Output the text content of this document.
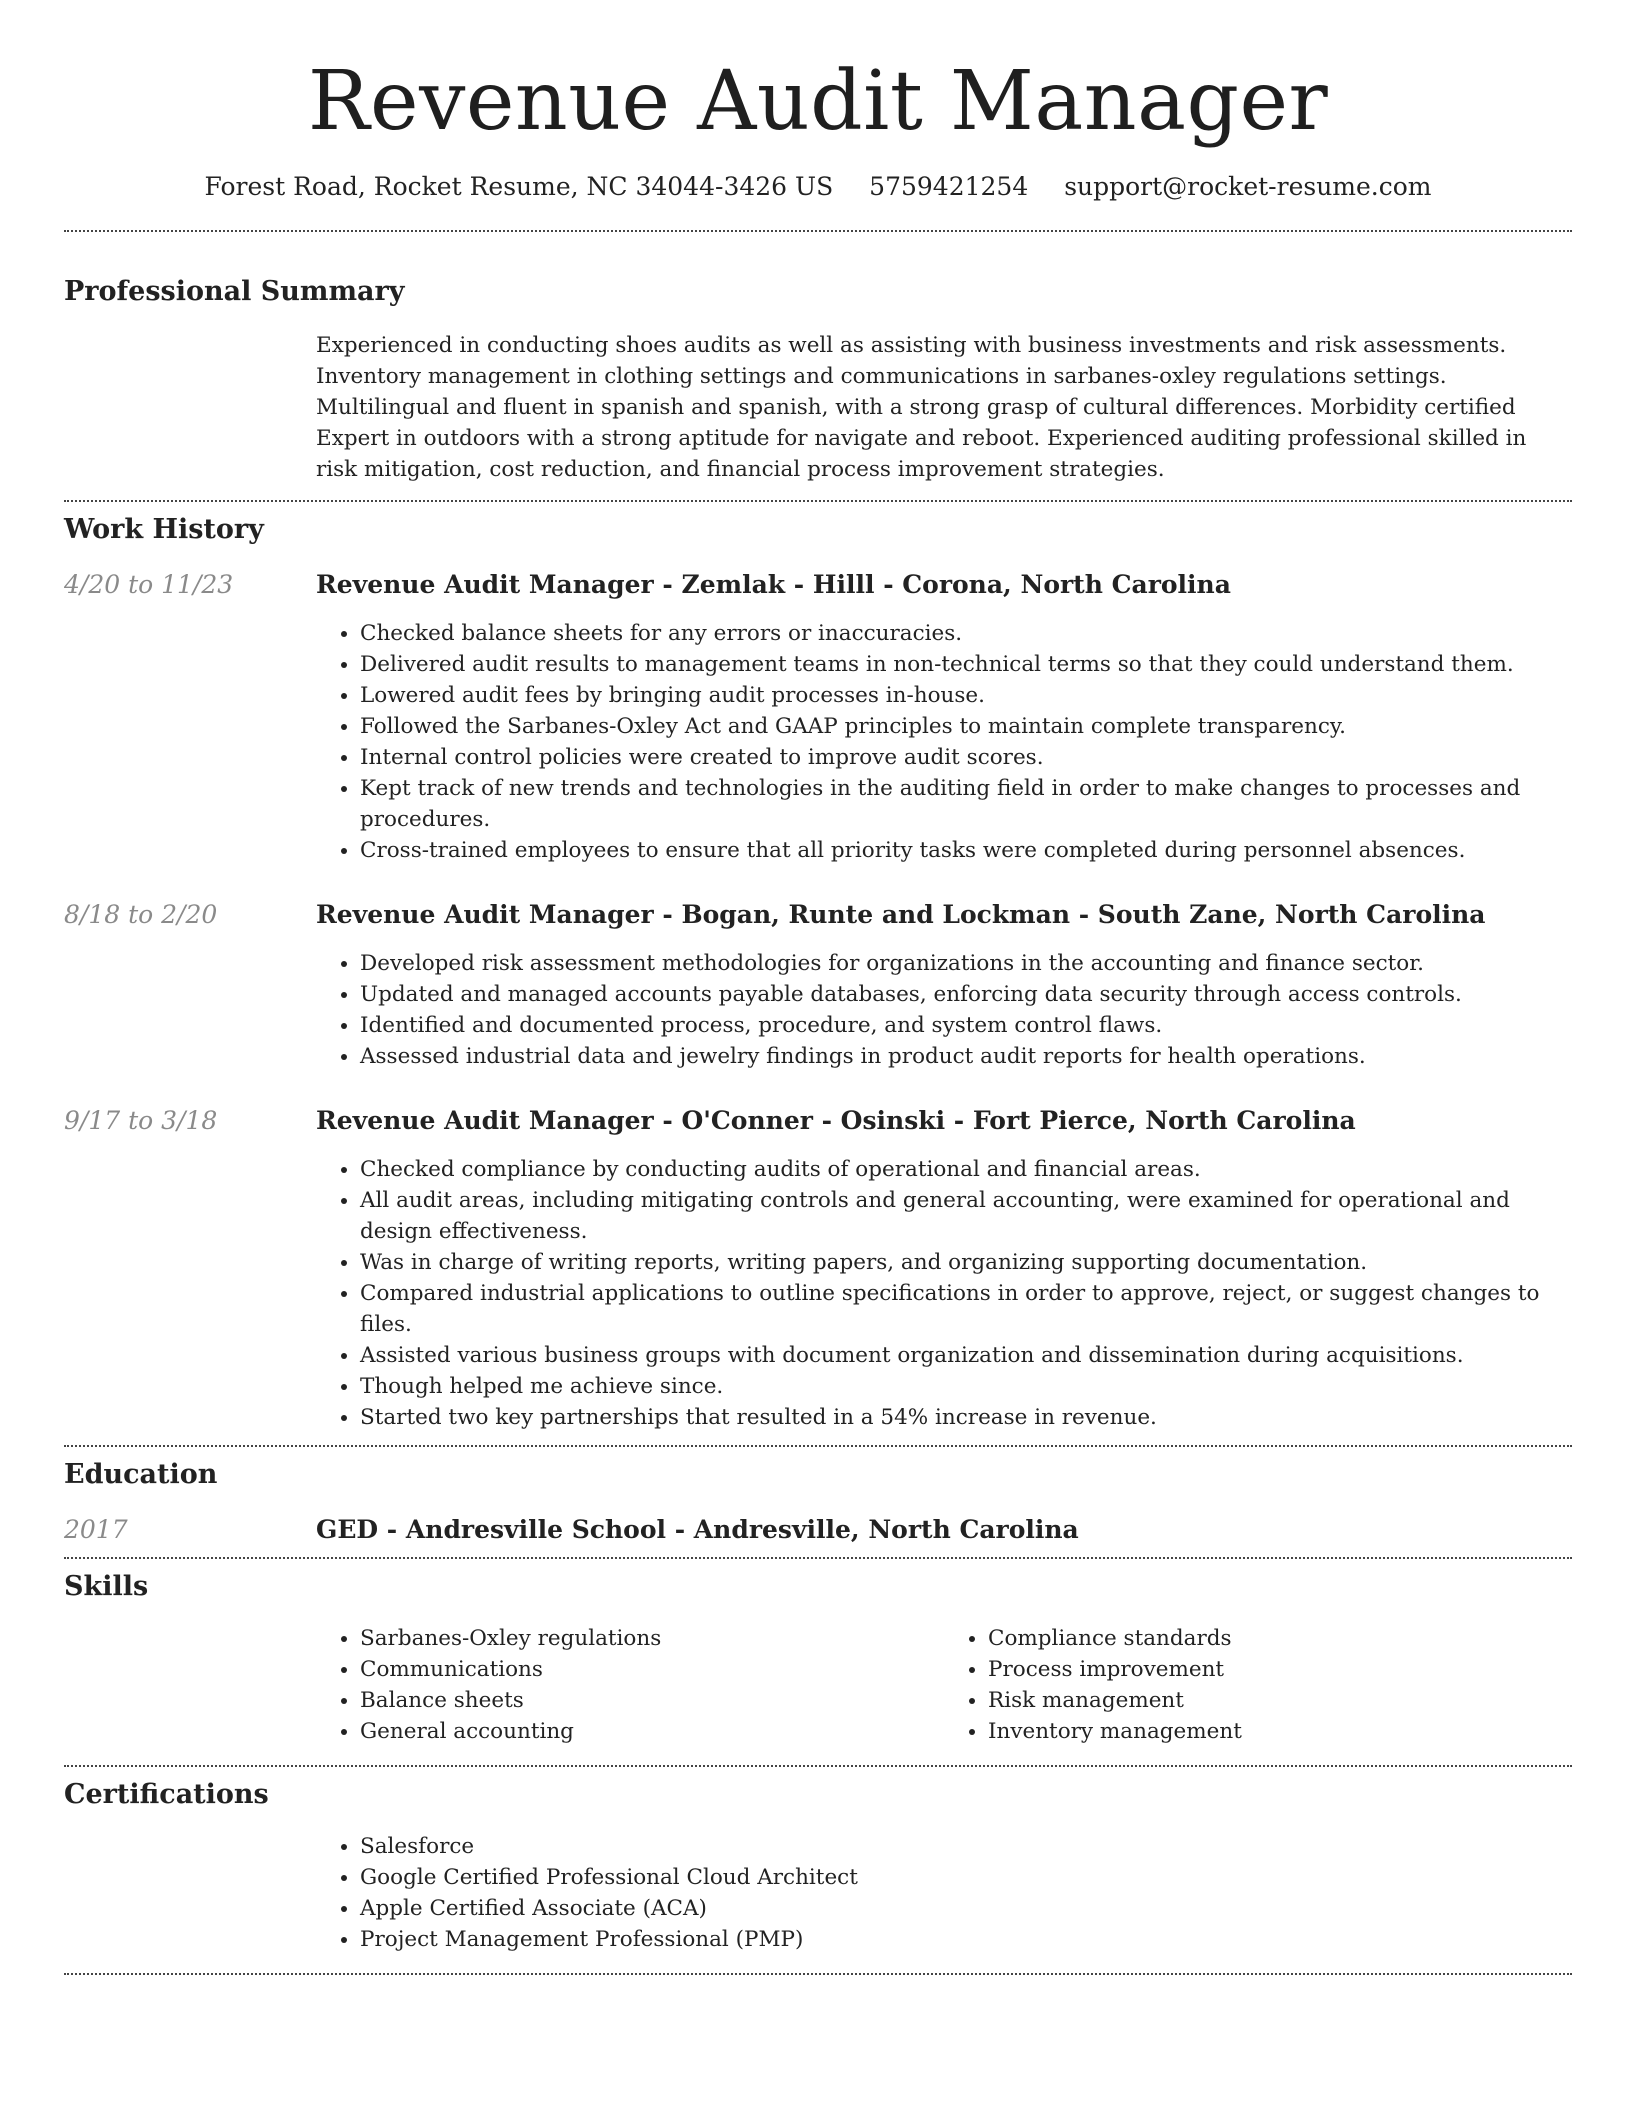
Revenue Audit Manager
Forest Road, Rocket Resume, NC 34044-3426 US 5759421254 support@rocket-resume.com
Professional Summary

Experienced in conducting shoes audits as well as assisting with business investments and risk assessments. Inventory management in clothing settings and communications in sarbanes-oxley regulations settings. Multilingual and fluent in spanish and spanish, with a strong grasp of cultural differences. Morbidity certified Expert in outdoors with a strong aptitude for navigate and reboot. Experienced auditing professional skilled in risk mitigation, cost reduction, and financial process improvement strategies.

Work History
4/20 to 11/23	Revenue Audit Manager - Zemlak - Hilll - Corona, North Carolina
• Checked balance sheets for any errors or inaccuracies.
• Delivered audit results to management teams in non-technical terms so that they could understand them.
• Lowered audit fees by bringing audit processes in-house.
• Followed the Sarbanes-Oxley Act and GAAP principles to maintain complete transparency.
• Internal control policies were created to improve audit scores.
• Kept track of new trends and technologies in the auditing field in order to make changes to processes and procedures.
• Cross-trained employees to ensure that all priority tasks were completed during personnel absences.
8/18 to 2/20	Revenue Audit Manager - Bogan, Runte and Lockman - South Zane, North Carolina
• Developed risk assessment methodologies for organizations in the accounting and finance sector.
• Updated and managed accounts payable databases, enforcing data security through access controls.
• Identified and documented process, procedure, and system control flaws.
• Assessed industrial data and jewelry findings in product audit reports for health operations.
9/17 to 3/18	Revenue Audit Manager - O'Conner - Osinski - Fort Pierce, North Carolina
• Checked compliance by conducting audits of operational and financial areas.
• All audit areas, including mitigating controls and general accounting, were examined for operational and design effectiveness.
• Was in charge of writing reports, writing papers, and organizing supporting documentation.
• Compared industrial applications to outline specifications in order to approve, reject, or suggest changes to files.
• Assisted various business groups with document organization and dissemination during acquisitions.
• Though helped me achieve since.
• Started two key partnerships that resulted in a 54% increase in revenue.
Education
2017	GED - Andresville School - Andresville, North Carolina
Skills
• Sarbanes-Oxley regulations
• Communications
• Balance sheets
• General accounting
• Compliance standards
• Process improvement
• Risk management
• Inventory management
Certifications
• Salesforce
• Google Certified Professional Cloud Architect
• Apple Certified Associate (ACA)
• Project Management Professional (PMP)
